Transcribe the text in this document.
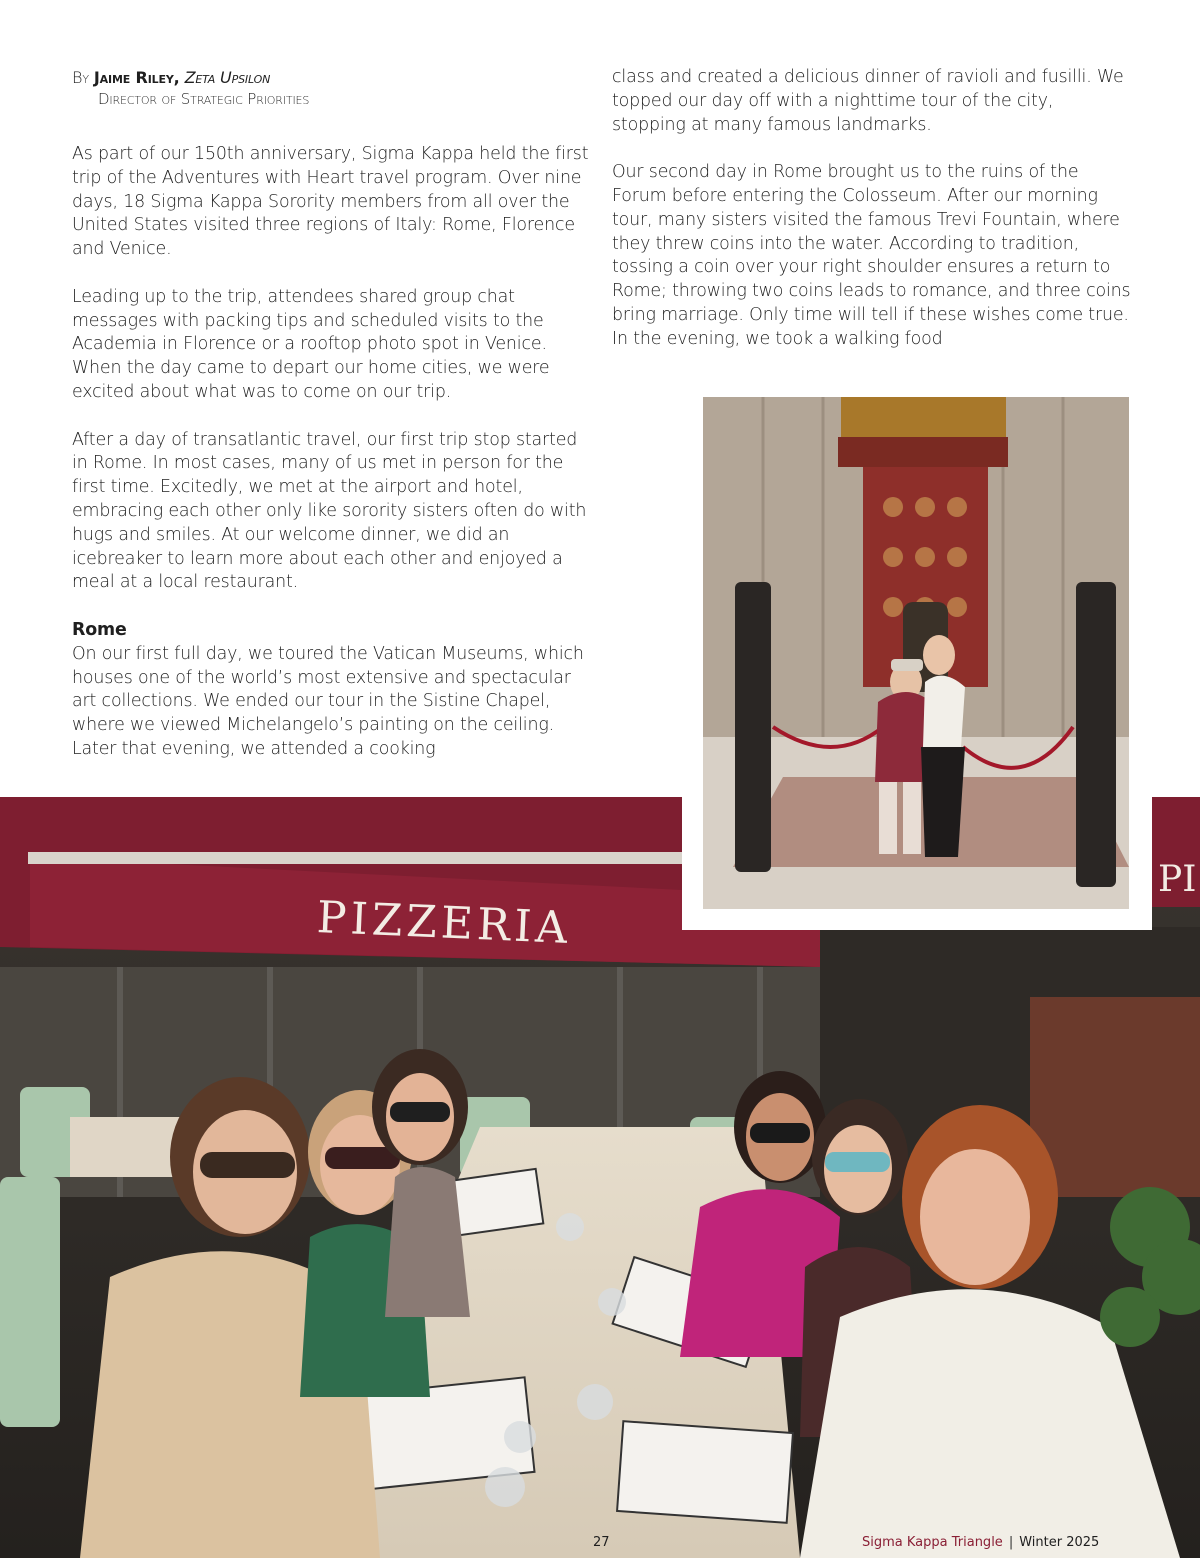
By Jaime Riley, Zeta Upsilon

Director of Strategic Priorities

As part of our 150th anniversary, Sigma Kappa held the first trip of the Adventures with Heart travel program. Over nine days, 18 Sigma Kappa Sorority members from all over the United States visited three regions of Italy: Rome, Florence and Venice.

Leading up to the trip, attendees shared group chat messages with packing tips and scheduled visits to the Academia in Florence or a rooftop photo spot in Venice. When the day came to depart our home cities, we were excited about what was to come on our trip.

After a day of transatlantic travel, our first trip stop started in Rome. In most cases, many of us met in person for the first time. Excitedly, we met at the airport and hotel, embracing each other only like sorority sisters often do with hugs and smiles. At our welcome dinner, we did an icebreaker to learn more about each other and enjoyed a meal at a local restaurant.

Rome

On our first full day, we toured the Vatican Museums, which houses one of the world’s most extensive and spectacular art collections. We ended our tour in the Sistine Chapel, where we viewed Michelangelo’s painting on the ceiling. Later that evening, we attended a cooking

class and created a delicious dinner of ravioli and fusilli. We topped our day off with a nighttime tour of the city, stopping at many famous landmarks.

Our second day in Rome brought us to the ruins of the Forum before entering the Colosseum. After our morning tour, many sisters visited the famous Trevi Fountain, where they threw coins into the water. According to tradition, tossing a coin over your right shoulder ensures a return to Rome; throwing two coins leads to romance, and three coins bring marriage. Only time will tell if these wishes come true. In the evening, we took a walking food

PIZZERIA
PI
27	Sigma Kappa Triangle | Winter 2025
